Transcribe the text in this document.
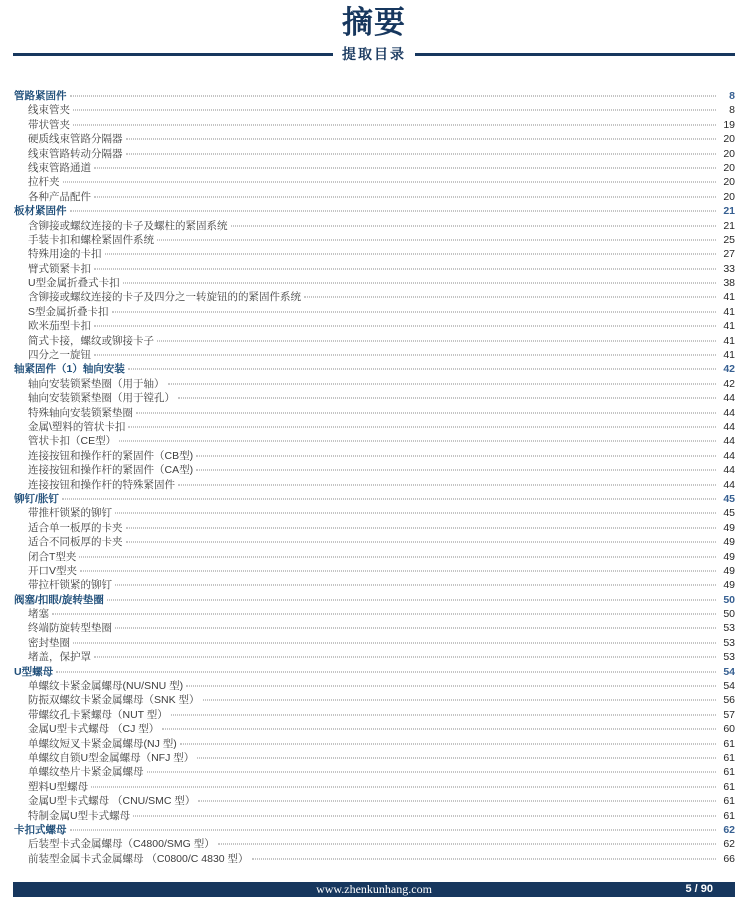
摘要
提取目录
管路紧固件	8
线束管夹	8
带状管夹	19
硬质线束管路分隔器	20
线束管路转动分隔器	20
线束管路通道	20
拉杆夹	20
各种产品配件	20
板材紧固件	21
含铆接或螺纹连接的卡子及螺柱的紧固系统	21
手装卡扣和螺栓紧固件系统	25
特殊用途的卡扣	27
臂式锁紧卡扣	33
U型金属折叠式卡扣	38
含铆接或螺纹连接的卡子及四分之一转旋钮的的紧固件系统	41
S型金属折叠卡扣	41
欧米茄型卡扣	41
简式卡接，螺纹或铆接卡子	41
四分之一旋钮	41
轴紧固件（1）轴向安装	42
轴向安装锁紧垫圈（用于轴）	42
轴向安装锁紧垫圈（用于镗孔）	44
特殊轴向安装锁紧垫圈	44
金属\塑料的管状卡扣	44
管状卡扣（CE型）	44
连接按钮和操作杆的紧固件（CB型)	44
连接按钮和操作杆的紧固件（CA型)	44
连接按钮和操作杆的特殊紧固件	44
铆钉/胀钉	45
带推杆锁紧的铆钉	45
适合单一板厚的卡夹	49
适合不同板厚的卡夹	49
闭合T型夹	49
开口V型夹	49
带拉杆锁紧的铆钉	49
阀塞/扣眼/旋转垫圈	50
堵塞	50
终端防旋转型垫圈	53
密封垫圈	53
堵盖，保护罩	53
U型螺母	54
单螺纹卡紧金属螺母(NU/SNU 型)	54
防振双螺纹卡紧金属螺母（SNK 型）	56
带螺纹孔卡紧螺母（NUT 型）	57
金属U型卡式螺母 （CJ 型）	60
单螺纹短叉卡紧金属螺母(NJ 型)	61
单螺纹自锁U型金属螺母（NFJ 型）	61
单螺纹垫片卡紧金属螺母	61
塑料U型螺母	61
金属U型卡式螺母 （CNU/SMC 型）	61
特制金属U型卡式螺母	61
卡扣式螺母	62
后装型卡式金属螺母（C4800/SMG 型）	62
前装型金属卡式金属螺母 （C0800/C 4830 型）	66
www.zhenkunhang.com	5 / 90
